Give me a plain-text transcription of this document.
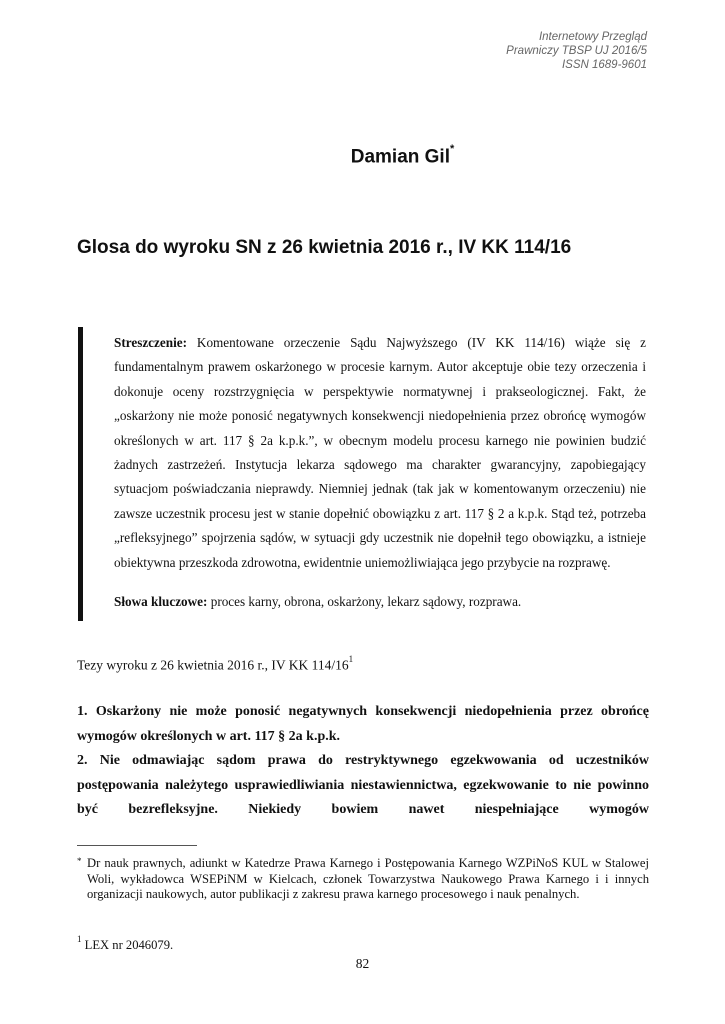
Internetowy Przegląd
Prawniczy TBSP UJ 2016/5
ISSN 1689-9601
Damian Gil*
Glosa do wyroku SN z 26 kwietnia 2016 r., IV KK 114/16
Streszczenie: Komentowane orzeczenie Sądu Najwyższego (IV KK 114/16) wiąże się z fundamentalnym prawem oskarżonego w procesie karnym. Autor akceptuje obie tezy orzeczenia i dokonuje oceny rozstrzygnięcia w perspektywie normatywnej i prakseologicznej. Fakt, że „oskarżony nie może ponosić negatywnych konsekwencji niedopełnienia przez obrońcę wymogów określonych w art. 117 § 2a k.p.k.”, w obecnym modelu procesu karnego nie powinien budzić żadnych zastrzeżeń. Instytucja lekarza sądowego ma charakter gwarancyjny, zapobiegający sytuacjom poświadczania nieprawdy. Niemniej jednak (tak jak w komentowanym orzeczeniu) nie zawsze uczestnik procesu jest w stanie dopełnić obowiązku z art. 117 § 2 a k.p.k. Stąd też, potrzeba „refleksyjnego” spojrzenia sądów, w sytuacji gdy uczestnik nie dopełnił tego obowiązku, a istnieje obiektywna przeszkoda zdrowotna, ewidentnie uniemożliwiająca jego przybycie na rozprawę.
Słowa kluczowe: proces karny, obrona, oskarżony, lekarz sądowy, rozprawa.
Tezy wyroku z 26 kwietnia 2016 r., IV KK $114/16^1$

1. Oskarżony nie może ponosić negatywnych konsekwencji niedopełnienia przez obrońcę wymogów określonych w art. 117 § 2a k.p.k.

2. Nie odmawiając sądom prawa do restryktywnego egzekwowania od uczestników postępowania należytego usprawiedliwiania niestawiennictwa, egzekwowanie to nie powinno być bezrefleksyjne. Niekiedy bowiem nawet niespełniające wymogów

* Dr nauk prawnych, adiunkt w Katedrze Prawa Karnego i Postępowania Karnego WZPiNoS KUL w Stalowej Woli, wykładowca WSEPiNM w Kielcach, członek Towarzystwa Naukowego Prawa Karnego i i innych organizacji naukowych, autor publikacji z zakresu prawa karnego procesowego i nauk penalnych.
$^1$ LEX nr 2046079.
82
